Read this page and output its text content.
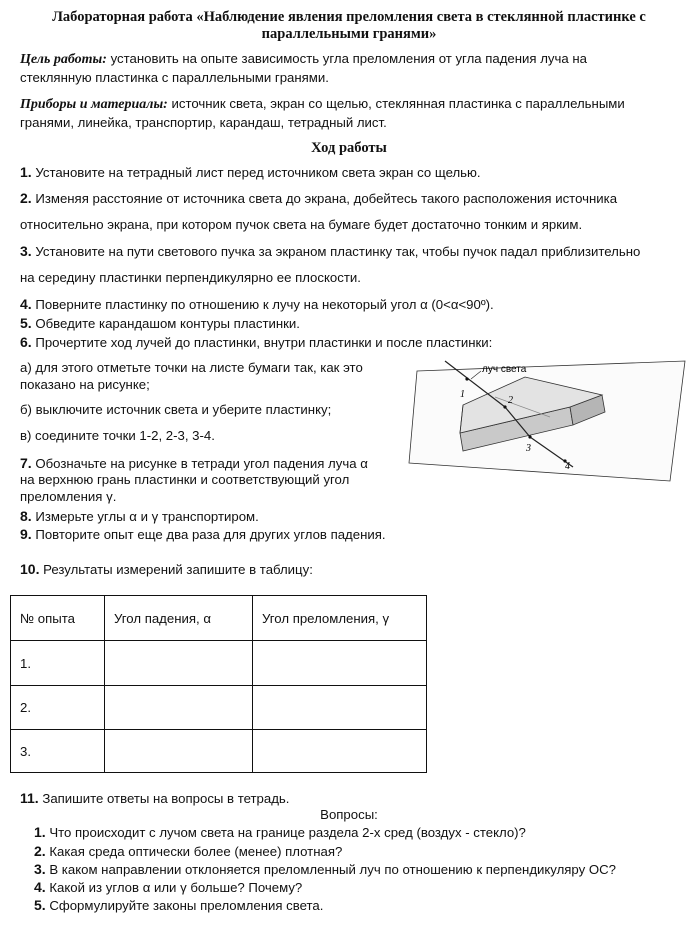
Лабораторная работа «Наблюдение явления преломления света в стеклянной пластинке с
параллельными гранями»
Цель работы: установить на опыте зависимость угла преломления от угла падения луча на
стеклянную пластинка с параллельными гранями.
Приборы и материалы: источник света, экран со щелью, стеклянная пластинка с параллельными
гранями, линейка, транспортир, карандаш, тетрадный лист.
Ход работы
1. Установите на тетрадный лист перед источником света экран со щелью.
2. Изменяя расстояние от источника света до экрана, добейтесь такого расположения источника
относительно экрана, при котором пучок света на бумаге будет достаточно тонким и ярким.
3. Установите на пути светового пучка за экраном пластинку так, чтобы пучок падал приблизительно
на середину пластинки перпендикулярно ее плоскости.
4. Поверните пластинку по отношению к лучу на некоторый угол α (0<α<90º).
5. Обведите карандашом контуры пластинки.
6. Прочертите ход лучей до пластинки, внутри пластинки и после пластинки:
а) для этого отметьте точки на листе бумаги так, как это
показано на рисунке;
б) выключите источник света и уберите пластинку;
в) соедините точки 1-2, 2-3, 3-4.
7. Обозначьте на рисунке в тетради угол падения луча α
на верхнюю грань пластинки и соответствующий угол
преломления γ.
8. Измерьте углы α и γ транспортиром.
9. Повторите опыт еще два раза для других углов падения.
10. Результаты измерений запишите в таблицу:
луч света
1
2
3
4
№ опыта	Угол падения, α	Угол преломления, γ
1.		
2.		
3.		
11. Запишите ответы на вопросы в тетрадь.
Вопросы:
1. Что происходит с лучом света на границе раздела 2-х сред (воздух - стекло)?
2. Какая среда оптически более (менее) плотная?
3. В каком направлении отклоняется преломленный луч по отношению к перпендикуляру ОС?
4. Какой из углов α или γ больше? Почему?
5. Сформулируйте законы преломления света.
